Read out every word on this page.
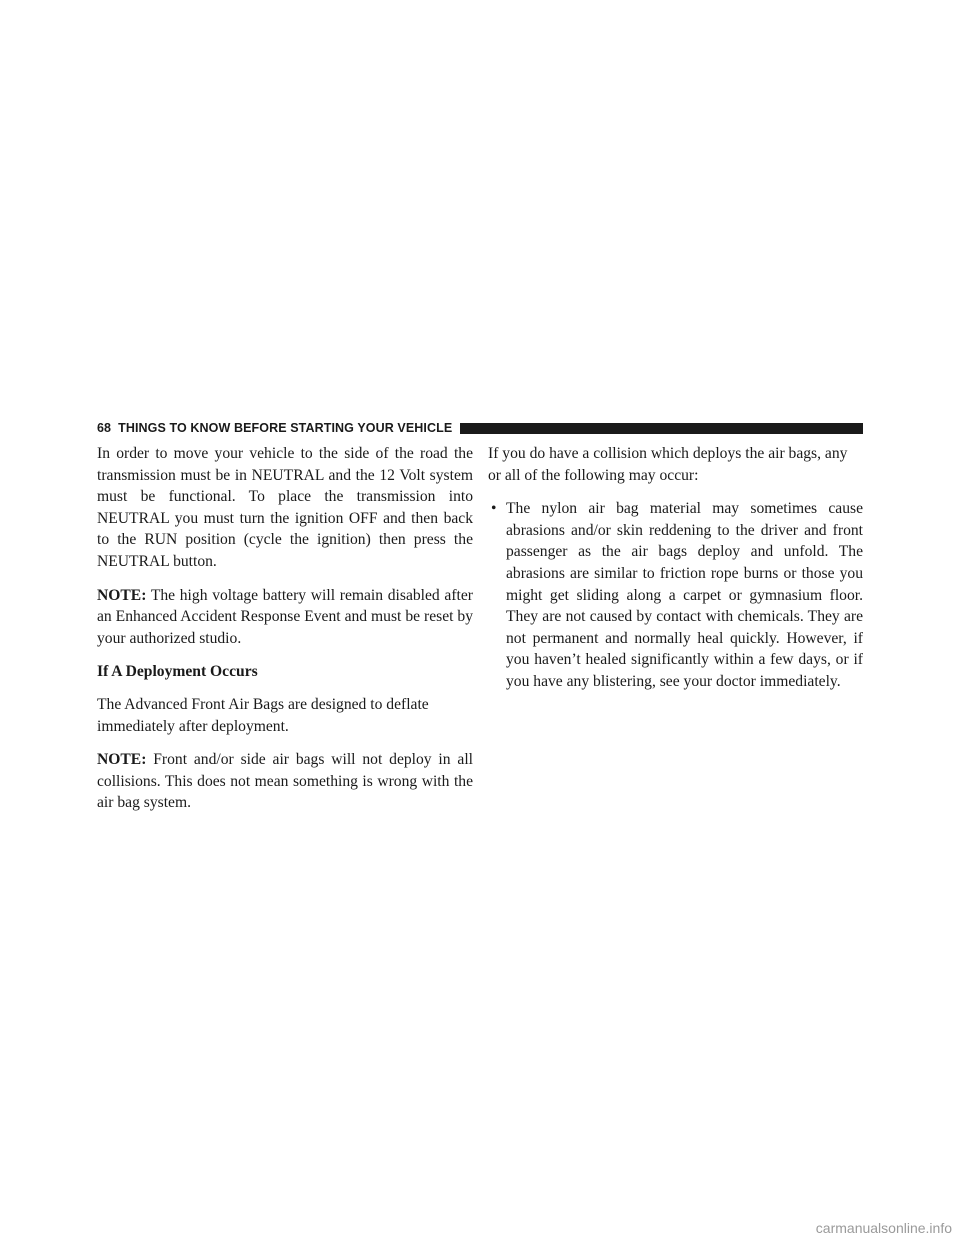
68 THINGS TO KNOW BEFORE STARTING YOUR VEHICLE

In order to move your vehicle to the side of the road the transmission must be in NEUTRAL and the 12 Volt system must be functional. To place the transmission into NEUTRAL you must turn the ignition OFF and then back to the RUN position (cycle the ignition) then press the NEUTRAL button.

NOTE: The high voltage battery will remain disabled after an Enhanced Accident Response Event and must be reset by your authorized studio.

If A Deployment Occurs

The Advanced Front Air Bags are designed to deflate immediately after deployment.

NOTE: Front and/or side air bags will not deploy in all collisions. This does not mean something is wrong with the air bag system.

If you do have a collision which deploys the air bags, any or all of the following may occur:

• The nylon air bag material may sometimes cause abrasions and/or skin reddening to the driver and front passenger as the air bags deploy and unfold. The abrasions are similar to friction rope burns or those you might get sliding along a carpet or gymnasium floor. They are not caused by contact with chemicals. They are not permanent and normally heal quickly. However, if you haven’t healed significantly within a few days, or if you have any blistering, see your doctor immediately.
carmanualsonline.info
